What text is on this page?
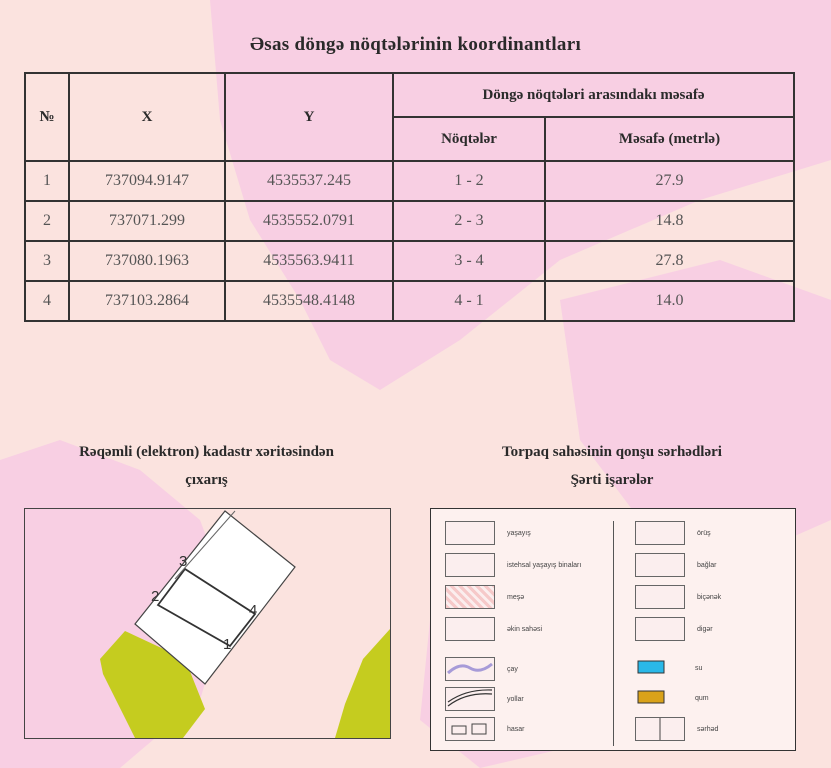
Əsas döngə nöqtələrinin koordinantları
№	X	Y	Döngə nöqtələri arasındakı məsafə	
			Nöqtələr	Məsafə (metrlə)
1	737094.9147	4535537.245	1 - 2	27.9
2	737071.299	4535552.0791	2 - 3	14.8
3	737080.1963	4535563.9411	3 - 4	27.8
4	737103.2864	4535548.4148	4 - 1	14.0
Rəqəmli (elektron) kadastr xəritəsindən
çıxarış
1
2
3
4
Torpaq sahəsinin qonşu sərhədləri
Şərti işarələr
yaşayış
istehsal yaşayış binaları
meşə
əkin sahəsi
çay
yollar
hasar
örüş
bağlar
biçənək
digər
su
qum
sərhəd
